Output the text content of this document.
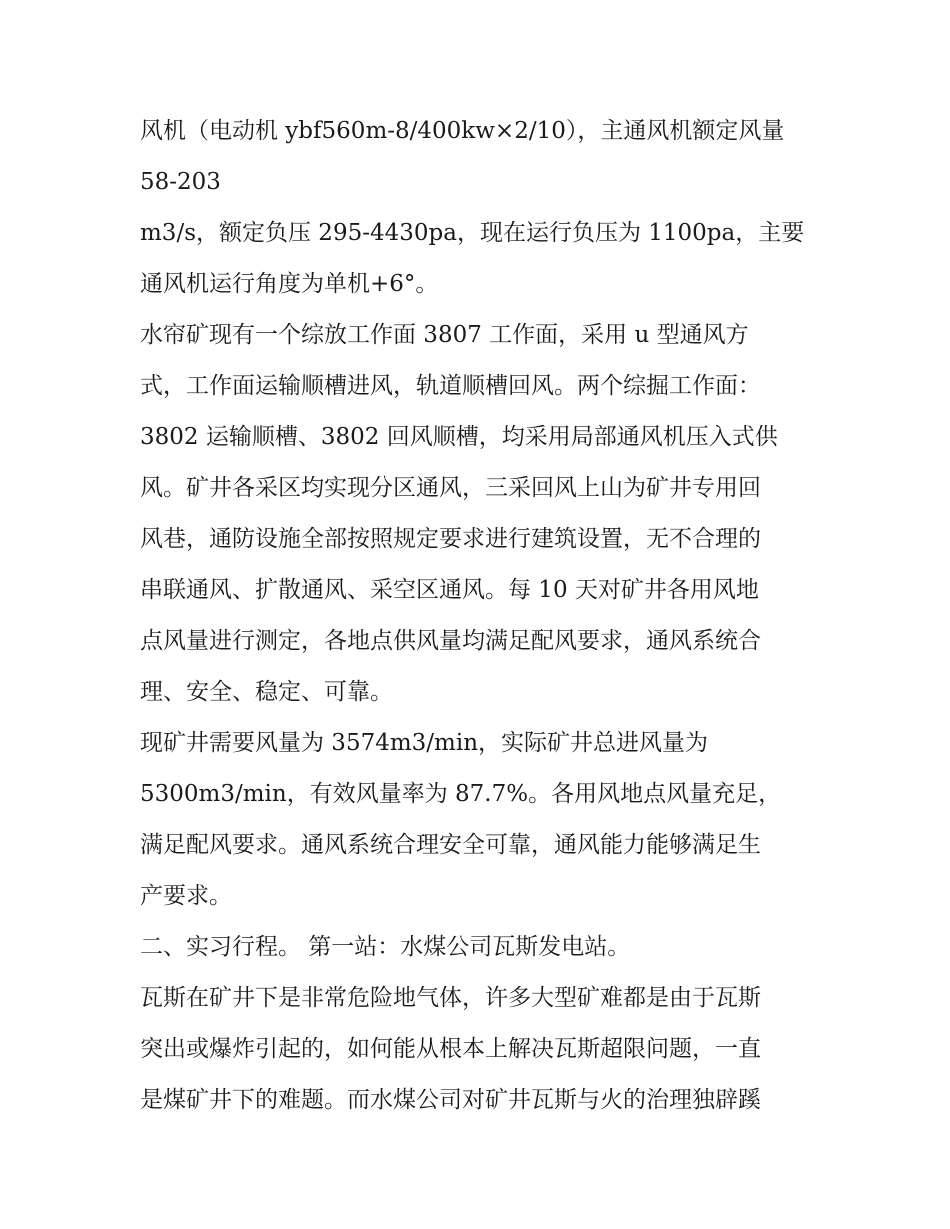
风机（电动机 ybf560m-8/400kw×2/10），主通风机额定风量
58-203
m3/s，额定负压 295-4430pa，现在运行负压为 1100pa，主要
通风机运行角度为单机+6°。
水帘矿现有一个综放工作面 3807 工作面，采用 u 型通风方
式，工作面运输顺槽进风，轨道顺槽回风。两个综掘工作面：
3802 运输顺槽、3802 回风顺槽，均采用局部通风机压入式供
风。矿井各采区均实现分区通风，三采回风上山为矿井专用回
风巷，通防设施全部按照规定要求进行建筑设置，无不合理的
串联通风、扩散通风、采空区通风。每 10 天对矿井各用风地
点风量进行测定，各地点供风量均满足配风要求，通风系统合
理、安全、稳定、可靠。
现矿井需要风量为 3574m3/min，实际矿井总进风量为
5300m3/min，有效风量率为 87.7%。各用风地点风量充足，
满足配风要求。通风系统合理安全可靠，通风能力能够满足生
产要求。
二、实习行程。 第一站：水煤公司瓦斯发电站。
瓦斯在矿井下是非常危险地气体，许多大型矿难都是由于瓦斯
突出或爆炸引起的，如何能从根本上解决瓦斯超限问题，一直
是煤矿井下的难题。而水煤公司对矿井瓦斯与火的治理独辟蹊
